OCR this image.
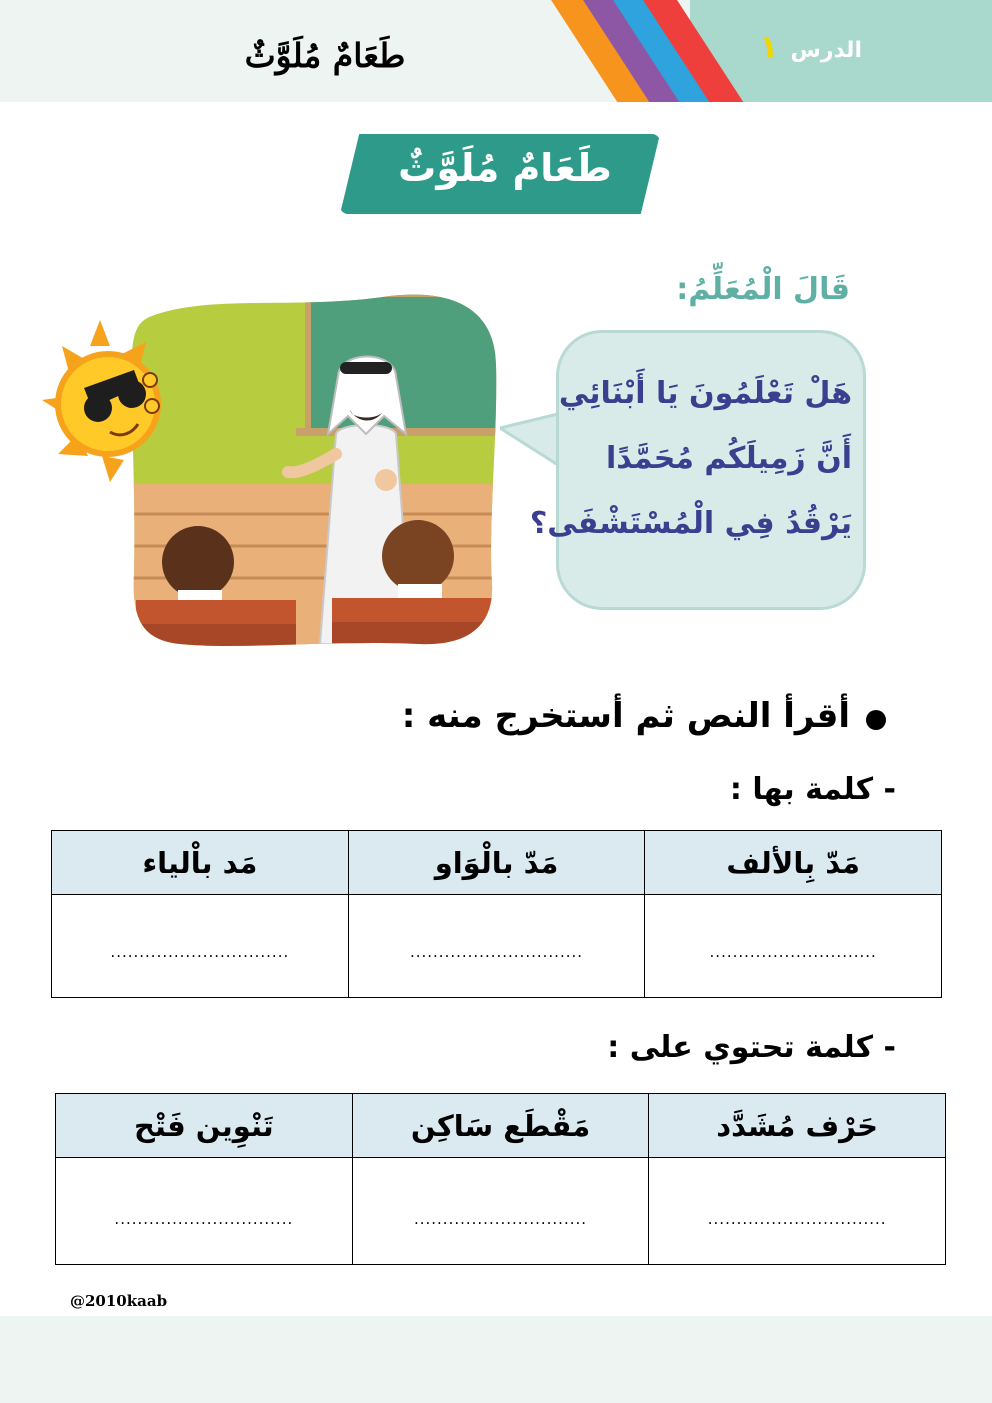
الدرس
١
طَعَامٌ مُلَوَّثٌ
طَعَامٌ مُلَوَّثٌ
قَالَ الْمُعَلِّمُ:
هَلْ تَعْلَمُونَ يَا أَبْنَائِي
أَنَّ زَمِيلَكُم مُحَمَّدًا
يَرْقُدُ فِي الْمُسْتَشْفَى؟
أقرأ النص ثم أستخرج منه :
- كلمة بها :
مَدّ بِالألف
مَدّ بالْوَاو
مَد باْلياء
.............................
..............................
...............................
- كلمة تحتوي على :
حَرْف مُشَدَّد
مَقْطَع سَاكِن
تَنْوِين فَتْح
...............................
..............................
...............................
@2010kaab
